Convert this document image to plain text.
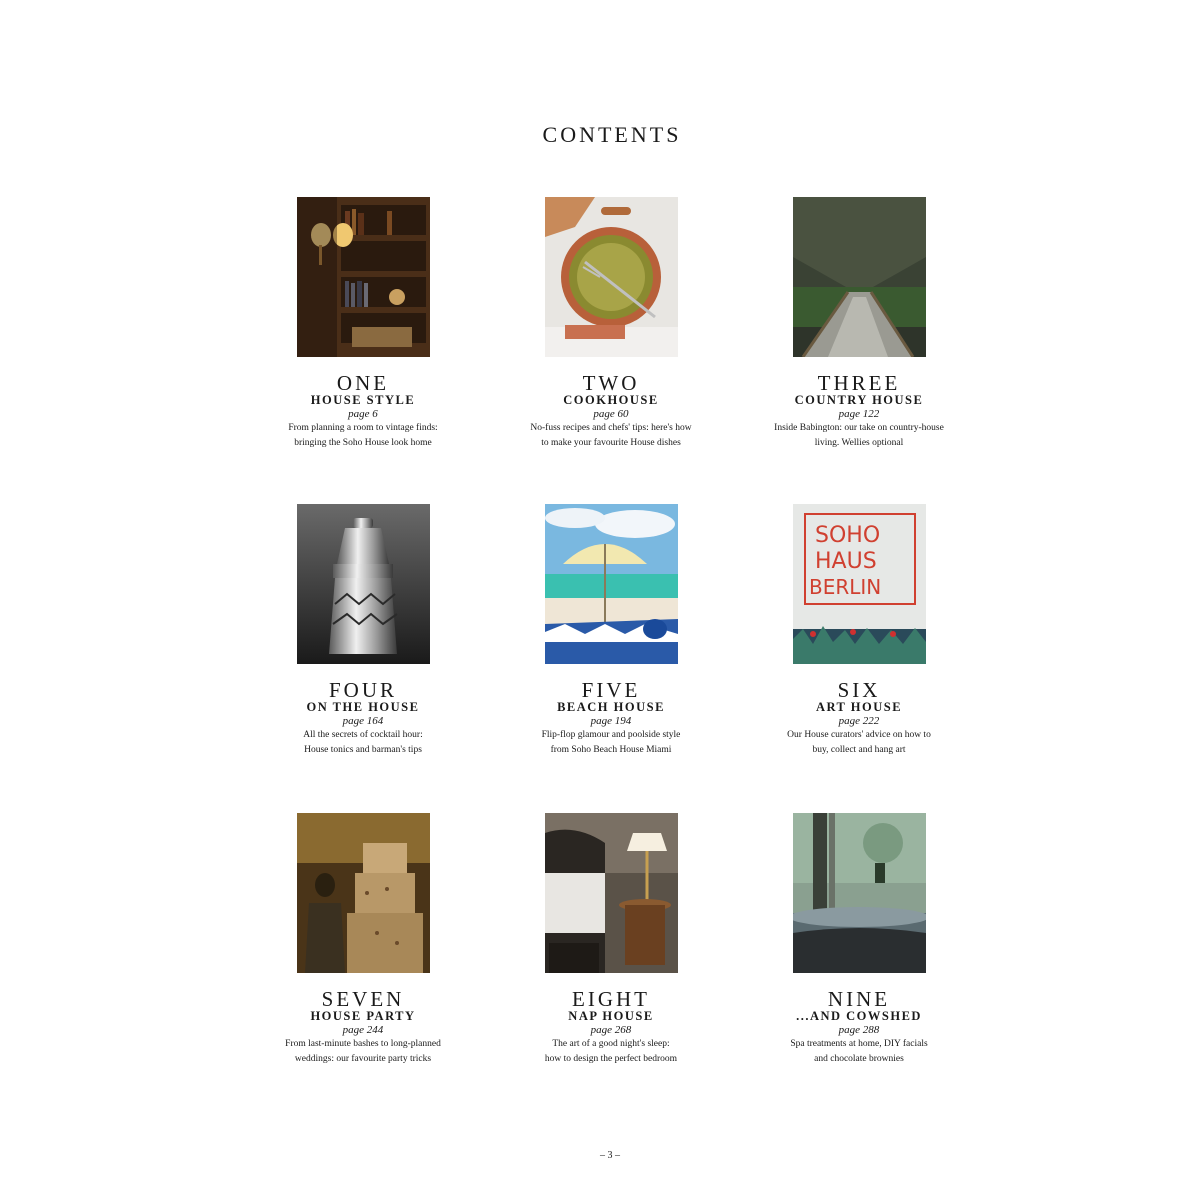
CONTENTS
ONE
HOUSE STYLE
page 6
From planning a room to vintage finds:
bringing the Soho House look home
TWO
COOKHOUSE
page 60
No-fuss recipes and chefs' tips: here's how
to make your favourite House dishes
THREE
COUNTRY HOUSE
page 122
Inside Babington: our take on country-house
living. Wellies optional
FOUR
ON THE HOUSE
page 164
All the secrets of cocktail hour:
House tonics and barman's tips
FIVE
BEACH HOUSE
page 194
Flip-flop glamour and poolside style
from Soho Beach House Miami
SOHO
HAUS
BERLIN
SIX
ART HOUSE
page 222
Our House curators' advice on how to
buy, collect and hang art
SEVEN
HOUSE PARTY
page 244
From last-minute bashes to long-planned
weddings: our favourite party tricks
EIGHT
NAP HOUSE
page 268
The art of a good night's sleep:
how to design the perfect bedroom
NINE
...AND COWSHED
page 288
Spa treatments at home, DIY facials
and chocolate brownies
– 3 –
